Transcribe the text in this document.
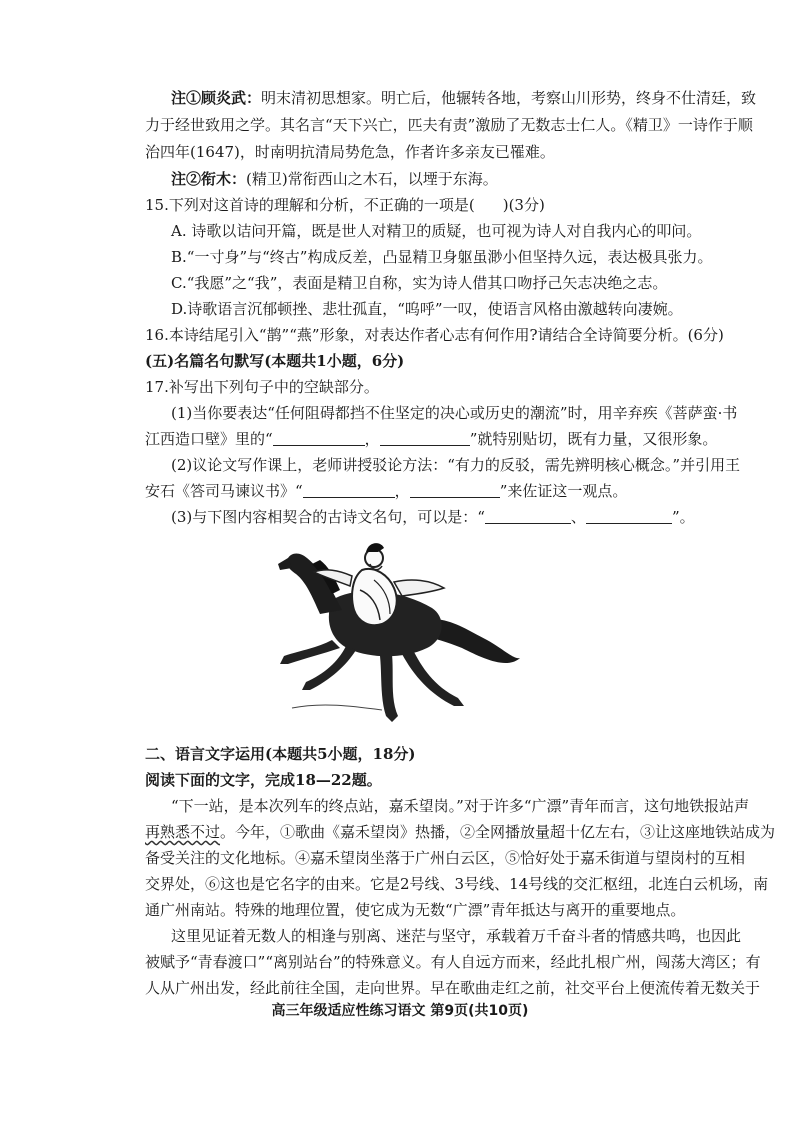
注①顾炎武：明末清初思想家。明亡后，他辗转各地，考察山川形势，终身不仕清廷，致
力于经世致用之学。其名言“天下兴亡，匹夫有责”激励了无数志士仁人。《精卫》一诗作于顺
治四年(1647)，时南明抗清局势危急，作者许多亲友已罹难。
注②衔木：(精卫)常衔西山之木石，以堙于东海。
15.下列对这首诗的理解和分析，不正确的一项是( )(3分)
A. 诗歌以诘问开篇，既是世人对精卫的质疑，也可视为诗人对自我内心的叩问。
B.“一寸身”与“终古”构成反差，凸显精卫身躯虽渺小但坚持久远，表达极具张力。
C.“我愿”之“我”，表面是精卫自称，实为诗人借其口吻抒己矢志决绝之志。
D.诗歌语言沉郁顿挫、悲壮孤直，“呜呼”一叹，使语言风格由激越转向凄婉。
16.本诗结尾引入“鹊”“燕”形象，对表达作者心志有何作用?请结合全诗简要分析。(6分)
(五)名篇名句默写(本题共1小题，6分)
17.补写出下列句子中的空缺部分。
(1)当你要表达“任何阻碍都挡不住坚定的决心或历史的潮流”时，用辛弃疾《菩萨蛮·书
江西造口壁》里的“	，	”就特别贴切，既有力量，又很形象。
(2)议论文写作课上，老师讲授驳论方法：“有力的反驳，需先辨明核心概念。”并引用王
安石《答司马谏议书》“	，	”来佐证这一观点。
(3)与下图内容相契合的古诗文名句，可以是：“	、	”。
二、语言文字运用(本题共5小题，18分)
阅读下面的文字，完成18—22题。
“下一站，是本次列车的终点站，嘉禾望岗。”对于许多“广漂”青年而言，这句地铁报站声
再熟悉不过。今年，①歌曲《嘉禾望岗》热播，②全网播放量超十亿左右，③让这座地铁站成为
备受关注的文化地标。④嘉禾望岗坐落于广州白云区，⑤恰好处于嘉禾街道与望岗村的互相
交界处，⑥这也是它名字的由来。它是2号线、3号线、14号线的交汇枢纽，北连白云机场，南
通广州南站。特殊的地理位置，使它成为无数“广漂”青年抵达与离开的重要地点。
这里见证着无数人的相逢与别离、迷茫与坚守，承载着万千奋斗者的情感共鸣，也因此
被赋予“青春渡口”“离别站台”的特殊意义。有人自远方而来，经此扎根广州，闯荡大湾区；有
人从广州出发，经此前往全国，走向世界。早在歌曲走红之前，社交平台上便流传着无数关于
高三年级适应性练习语文 第9页(共10页)
